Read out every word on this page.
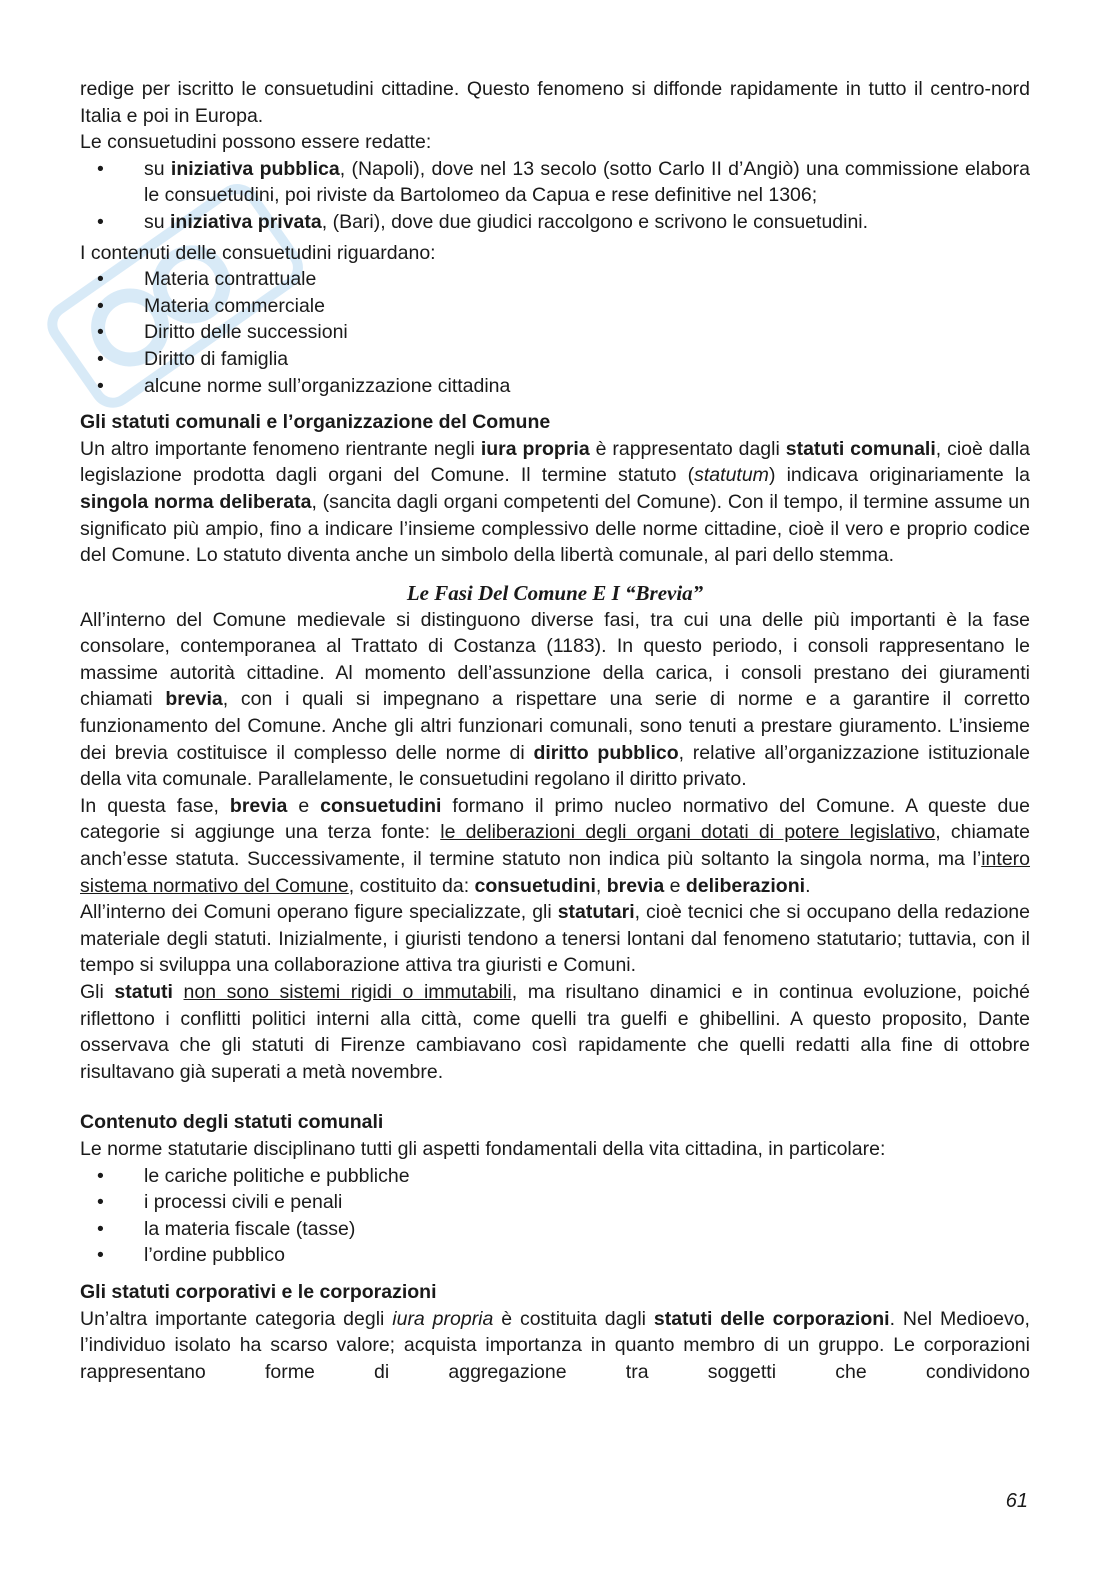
redige per iscritto le consuetudini cittadine. Questo fenomeno si diffonde rapidamente in tutto il centro-nord Italia e poi in Europa.

Le consuetudini possono essere redatte:

• su iniziativa pubblica, (Napoli), dove nel 13 secolo (sotto Carlo II d’Angiò) una commissione elabora le consuetudini, poi riviste da Bartolomeo da Capua e rese definitive nel 1306;
• su iniziativa privata, (Bari), dove due giudici raccolgono e scrivono le consuetudini.

I contenuti delle consuetudini riguardano:

• Materia contrattuale
• Materia commerciale
• Diritto delle successioni
• Diritto di famiglia
• alcune norme sull’organizzazione cittadina
Gli statuti comunali e l’organizzazione del Comune

Un altro importante fenomeno rientrante negli iura propria è rappresentato dagli statuti comunali, cioè dalla legislazione prodotta dagli organi del Comune. Il termine statuto (statutum) indicava originariamente la singola norma deliberata, (sancita dagli organi competenti del Comune). Con il tempo, il termine assume un significato più ampio, fino a indicare l’insieme complessivo delle norme cittadine, cioè il vero e proprio codice del Comune. Lo statuto diventa anche un simbolo della libertà comunale, al pari dello stemma.

Le Fasi Del Comune E I “Brevia”

All’interno del Comune medievale si distinguono diverse fasi, tra cui una delle più importanti è la fase consolare, contemporanea al Trattato di Costanza (1183). In questo periodo, i consoli rappresentano le massime autorità cittadine. Al momento dell’assunzione della carica, i consoli prestano dei giuramenti chiamati brevia, con i quali si impegnano a rispettare una serie di norme e a garantire il corretto funzionamento del Comune. Anche gli altri funzionari comunali, sono tenuti a prestare giuramento. L’insieme dei brevia costituisce il complesso delle norme di diritto pubblico, relative all’organizzazione istituzionale della vita comunale. Parallelamente, le consuetudini regolano il diritto privato.

In questa fase, brevia e consuetudini formano il primo nucleo normativo del Comune. A queste due categorie si aggiunge una terza fonte: le deliberazioni degli organi dotati di potere legislativo, chiamate anch’esse statuta. Successivamente, il termine statuto non indica più soltanto la singola norma, ma l’intero sistema normativo del Comune, costituito da: consuetudini, brevia e deliberazioni.

All’interno dei Comuni operano figure specializzate, gli statutari, cioè tecnici che si occupano della redazione materiale degli statuti. Inizialmente, i giuristi tendono a tenersi lontani dal fenomeno statutario; tuttavia, con il tempo si sviluppa una collaborazione attiva tra giuristi e Comuni.

Gli statuti non sono sistemi rigidi o immutabili, ma risultano dinamici e in continua evoluzione, poiché riflettono i conflitti politici interni alla città, come quelli tra guelfi e ghibellini. A questo proposito, Dante osservava che gli statuti di Firenze cambiavano così rapidamente che quelli redatti alla fine di ottobre risultavano già superati a metà novembre.

Contenuto degli statuti comunali

Le norme statutarie disciplinano tutti gli aspetti fondamentali della vita cittadina, in particolare:

• le cariche politiche e pubbliche
• i processi civili e penali
• la materia fiscale (tasse)
• l’ordine pubblico
Gli statuti corporativi e le corporazioni

Un’altra importante categoria degli iura propria è costituita dagli statuti delle corporazioni. Nel Medioevo, l’individuo isolato ha scarso valore; acquista importanza in quanto membro di un gruppo. Le corporazioni rappresentano forme di aggregazione tra soggetti che condividono

61
